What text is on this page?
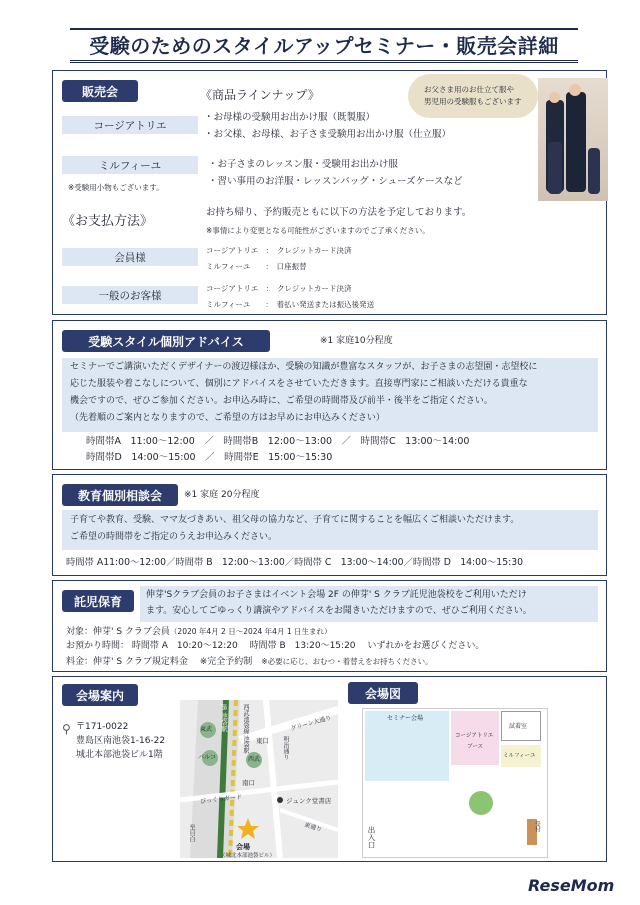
受験のためのスタイルアップセミナー・販売会詳細
販売会	《商品ラインナップ》
コージアトリエ
・お母様の受験用お出かけ服（既製服）
・お父様、お母様、お子さま受験用お出かけ服（仕立服）
ミルフィーユ
※受験用小物もございます。
・お子さまのレッスン服・受験用お出かけ服
・習い事用のお洋服・レッスンバッグ・シューズケースなど
お父さま用のお仕立て服や
男児用の受験服もございます
《お支払方法》
お持ち帰り、予約販売ともに以下の方法を予定しております。
※事情により変更となる可能性がございますのでご了承ください。
会員様
コージアトリエ　：　クレジットカード決済
ミルフィーユ　　：　口座振替
一般のお客様
コージアトリエ　：　クレジットカード決済
ミルフィーユ　　：　着払い発送または振込後発送
受験スタイル個別アドバイス	※1 家庭10分程度
セミナーでご講演いただくデザイナーの渡辺様ほか、受験の知識が豊富なスタッフが、お子さまの志望園・志望校に
応じた服装や着こなしについて、個別にアドバイスをさせていただきます。直接専門家にご相談いただける貴重な
機会ですので、ぜひご参加ください。お申込み時に、ご希望の時間帯及び前半・後半をご指定ください。
（先着順のご案内となりますので、ご希望の方はお早めにお申込みください）
時間帯A　11:00～12:00　／　時間帯B　12:00～13:00　／　時間帯C　13:00～14:00
時間帯D　14:00～15:00　／　時間帯E　15:00～15:30
教育個別相談会	※1 家庭 20分程度
子育てや教育、受験、ママ友づきあい、祖父母の協力など、子育てに関することを幅広くご相談いただけます。
ご希望の時間帯をご指定のうえお申込みください。
時間帯 A11:00～12:00／時間帯 B　12:00～13:00／時間帯 C　13:00～14:00／時間帯 D　14:00～15:30
託児保育	伸芽'Sクラブ会員のお子さまはイベント会場 2F の伸芽' S クラブ託児池袋校をご利用いただけ
ます。安心してごゆっくり講演やアドバイスをお聞きいただけますので、ぜひご利用ください。
対象：伸芽' S クラブ会員（2020 年4月 2 日～2024 年4月 1 日生まれ）
お預かり時間： 時間帯 A　10:20～12:20　 時間帯 B　13:20～15:20　 いずれかをお選びください。
料金：伸芽' S クラブ規定料金　 ※完全予約制　 ※必要に応じ、おむつ・着替えをお持ちください。
会場案内
⚲ 〒171-0022
豊島区南池袋1-16-22
城北本部池袋ビル1階
JR 池袋駅	西武池袋線 池袋駅
東武
パルコ	西武
東口
南口
グリーン大通り
明治通り
びっくりガード	ジュンク堂書店
東通り
至目白
会場
（城北本部池袋ビル）
会場図
セミナー会場
コージアトリエ
ブース
試着室
ミルフィーユ
受付
出入口
ReseMom
